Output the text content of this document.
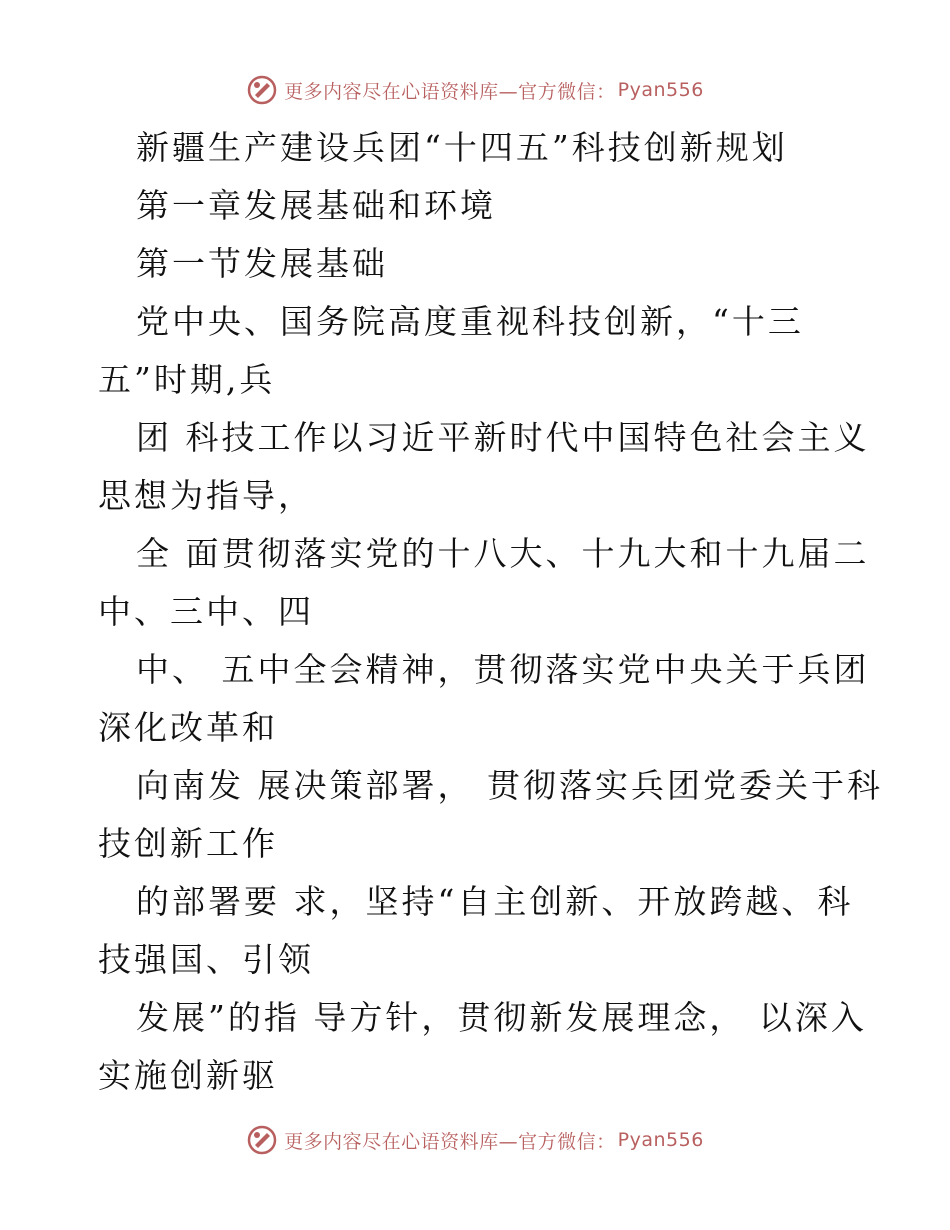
更多内容尽在心语资料库—官方微信： Pyan556
新疆生产建设兵团“十四五”科技创新规划
第一章发展基础和环境
第一节发展基础
党中央、国务院高度重视科技创新，“十三
五”时期,兵
团 科技工作以习近平新时代中国特色社会主义
思想为指导，
全 面贯彻落实党的十八大、十九大和十九届二
中、三中、四
中、 五中全会精神，贯彻落实党中央关于兵团
深化改革和
向南发 展决策部署， 贯彻落实兵团党委关于科
技创新工作
的部署要 求，坚持“自主创新、开放跨越、科
技强国、引领
发展”的指 导方针，贯彻新发展理念， 以深入
实施创新驱
更多内容尽在心语资料库—官方微信： Pyan556
